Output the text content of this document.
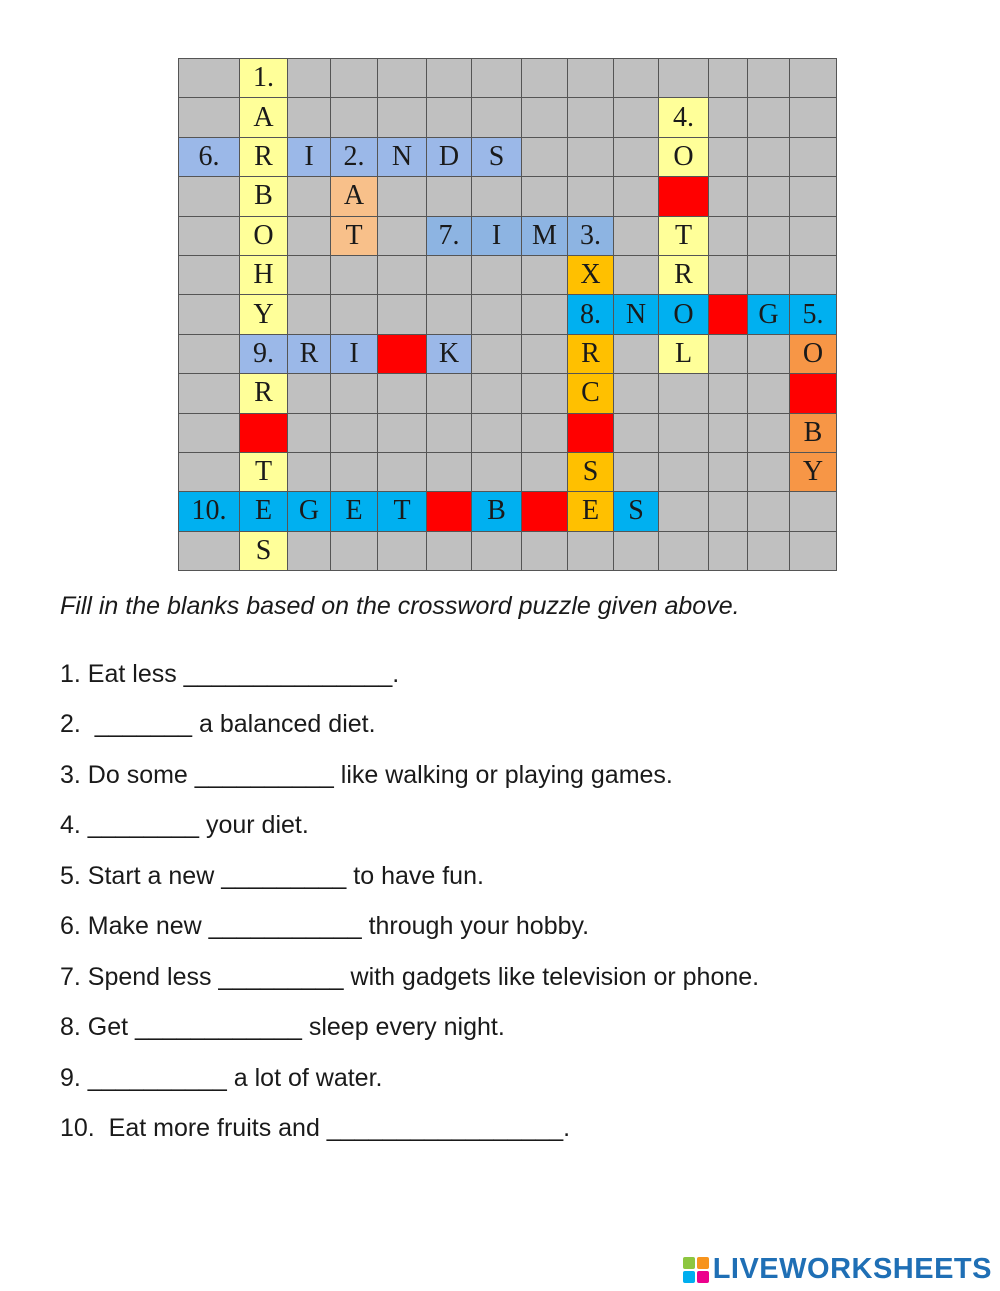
1.
A	4.
6.	R	I	2. N D	S	O
B	A
O	T	7.	I	M 3.	T
H	X	R
Y	8. N O	G 5.
9. R	I	K	R	L	O
R	C
B
T	S	Y
10.	E G E	T	B	E	S
S

Fill in the blanks based on the crossword puzzle given above.

1. Eat less _______________.

2.  _______ a balanced diet.

3. Do some __________ like walking or playing games.

4. ________ your diet.

5. Start a new _________ to have fun.

6. Make new ___________ through your hobby.

7. Spend less _________ with gadgets like television or phone.

8. Get ____________ sleep every night.

9. __________ a lot of water.

10.  Eat more fruits and _________________.

LIVEWORKSHEETS
